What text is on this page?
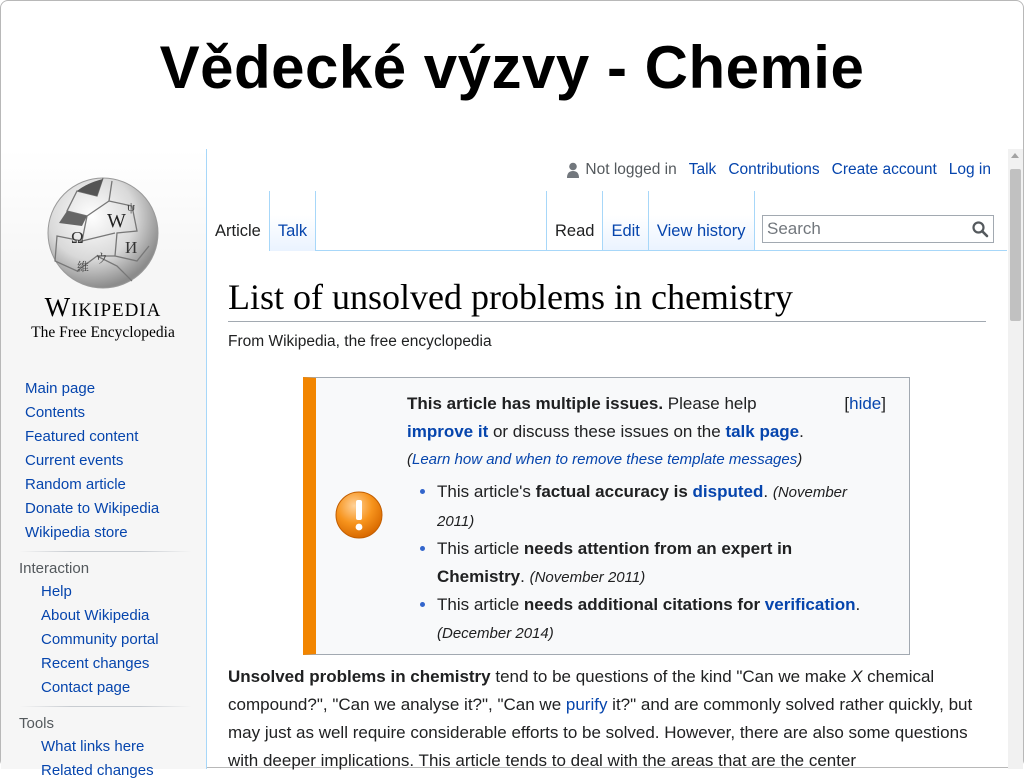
Vědecké výzvy - Chemie
W
Ω
И
ウ
ψ
維
Wikipedia
The Free Encyclopedia
Main page
Contents
Featured content
Current events
Random article
Donate to Wikipedia
Wikipedia store
Interaction
Help
About Wikipedia
Community portal
Recent changes
Contact page
Tools
What links here
Related changes
Not logged in Talk Contributions Create account Log in
Article	Talk	Read	Edit	View history
Search
List of unsolved problems in chemistry
From Wikipedia, the free encyclopedia
This article has multiple issues. Please help
improve it or discuss these issues on the talk page.
[hide]
(Learn how and when to remove these template messages)
• This article's factual accuracy is disputed. (November 2011)
• This article needs attention from an expert in Chemistry. (November 2011)
• This article needs additional citations for verification. (December 2014)
Unsolved problems in chemistry tend to be questions of the kind "Can we make X chemical compound?", "Can we analyse it?", "Can we purify it?" and are commonly solved rather quickly, but may just as well require considerable efforts to be solved. However, there are also some questions with deeper implications. This article tends to deal with the areas that are the center
